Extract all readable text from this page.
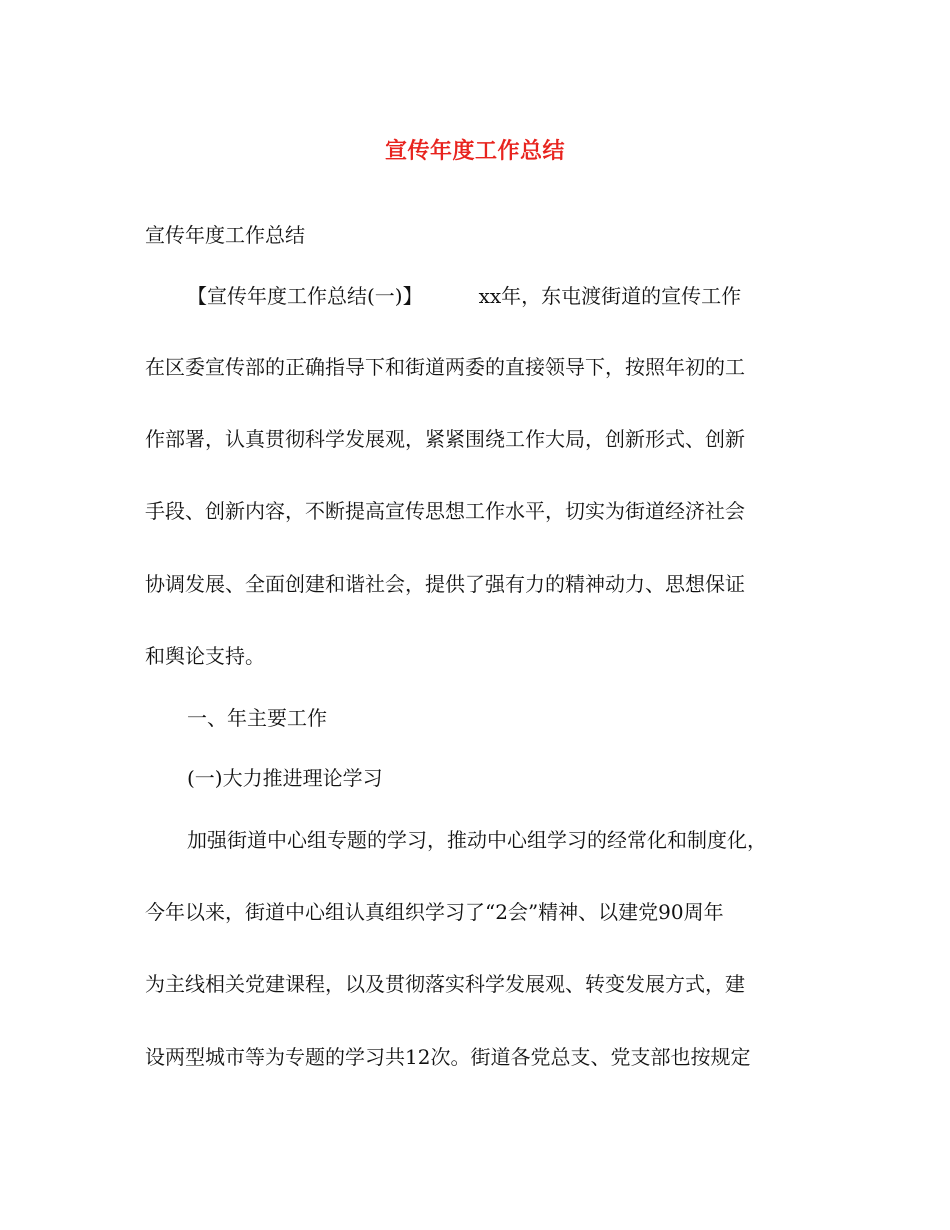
宣传年度工作总结
宣传年度工作总结
【宣传年度工作总结(一)】	xx年，东屯渡街道的宣传工作
在区委宣传部的正确指导下和街道两委的直接领导下，按照年初的工
作部署，认真贯彻科学发展观，紧紧围绕工作大局，创新形式、创新
手段、创新内容，不断提高宣传思想工作水平，切实为街道经济社会
协调发展、全面创建和谐社会，提供了强有力的精神动力、思想保证
和舆论支持。
一、年主要工作
(一)大力推进理论学习
加强街道中心组专题的学习，推动中心组学习的经常化和制度化，
今年以来，街道中心组认真组织学习了“2会”精神、以建党90周年
为主线相关党建课程，以及贯彻落实科学发展观、转变发展方式，建
设两型城市等为专题的学习共12次。街道各党总支、党支部也按规定
